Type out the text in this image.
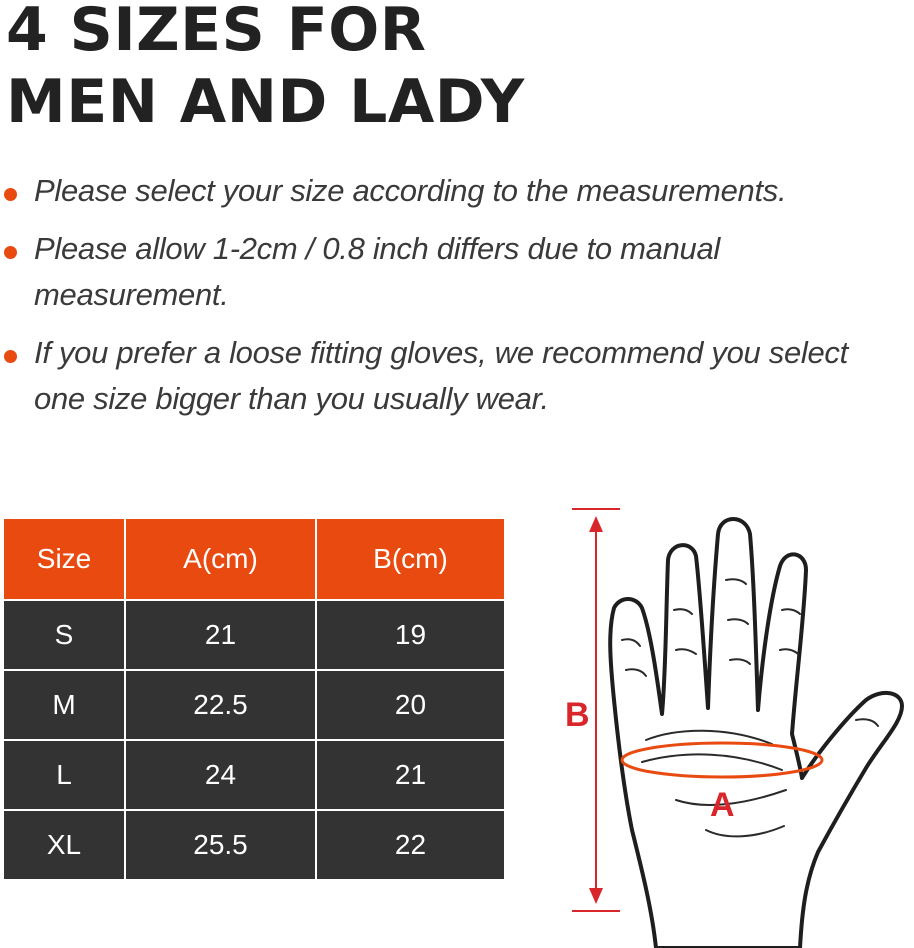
4 SIZES FOR
MEN AND LADY
Please select your size according to the measurements.
Please allow 1-2cm / 0.8 inch differs due to manual measurement.
If you prefer a loose fitting gloves, we recommend you select one size bigger than you usually wear.
Size	A(cm)	B(cm)
S	21	19
M	22.5	20
L	24	21
XL	25.5	22
B
A
